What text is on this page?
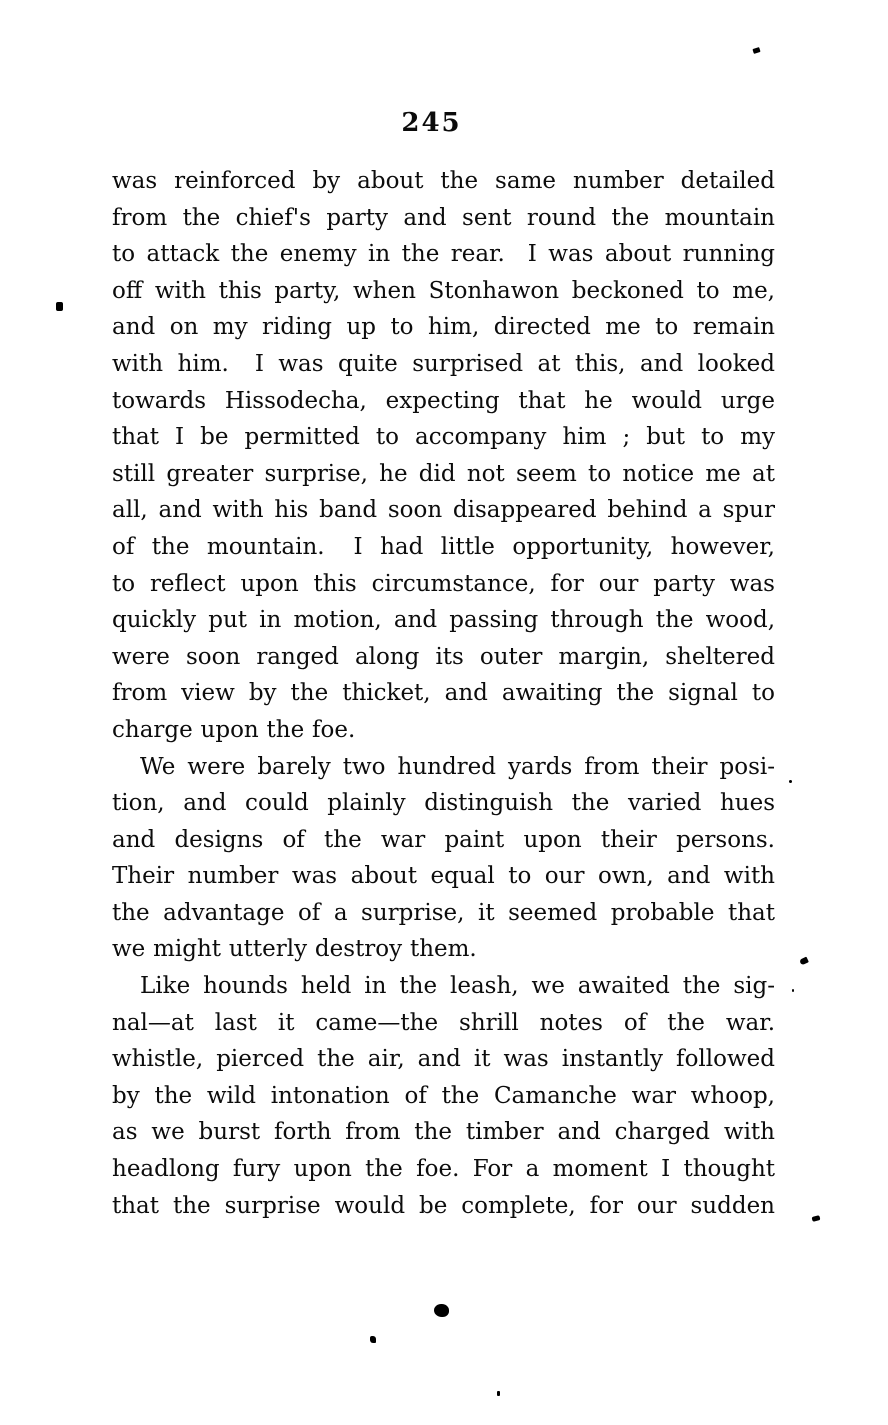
245
was reinforced by about the same number detailed
from the chief's party and sent round the mountain
to attack the enemy in the rear.  I was about running
off with this party, when Stonhawon beckoned to me,
and on my riding up to him, directed me to remain
with him.  I was quite surprised at this, and looked
towards Hissodecha, expecting that he would urge
that I be permitted to accompany him ; but to my
still greater surprise, he did not seem to notice me at
all, and with his band soon disappeared behind a spur
of the mountain.  I had little opportunity, however,
to reflect upon this circumstance, for our party was
quickly put in motion, and passing through the wood,
were soon ranged along its outer margin, sheltered
from view by the thicket, and awaiting the signal to
charge upon the foe.
We were barely two hundred yards from their posi-
tion, and could plainly distinguish the varied hues
and designs of the war paint upon their persons.
Their number was about equal to our own, and with
the advantage of a surprise, it seemed probable that
we might utterly destroy them.
Like hounds held in the leash, we awaited the sig-
nal—at last it came—the shrill notes of the war.
whistle, pierced the air, and it was instantly followed
by the wild intonation of the Camanche war whoop,
as we burst forth from the timber and charged with
headlong fury upon the foe. For a moment I thought
that the surprise would be complete, for our sudden
